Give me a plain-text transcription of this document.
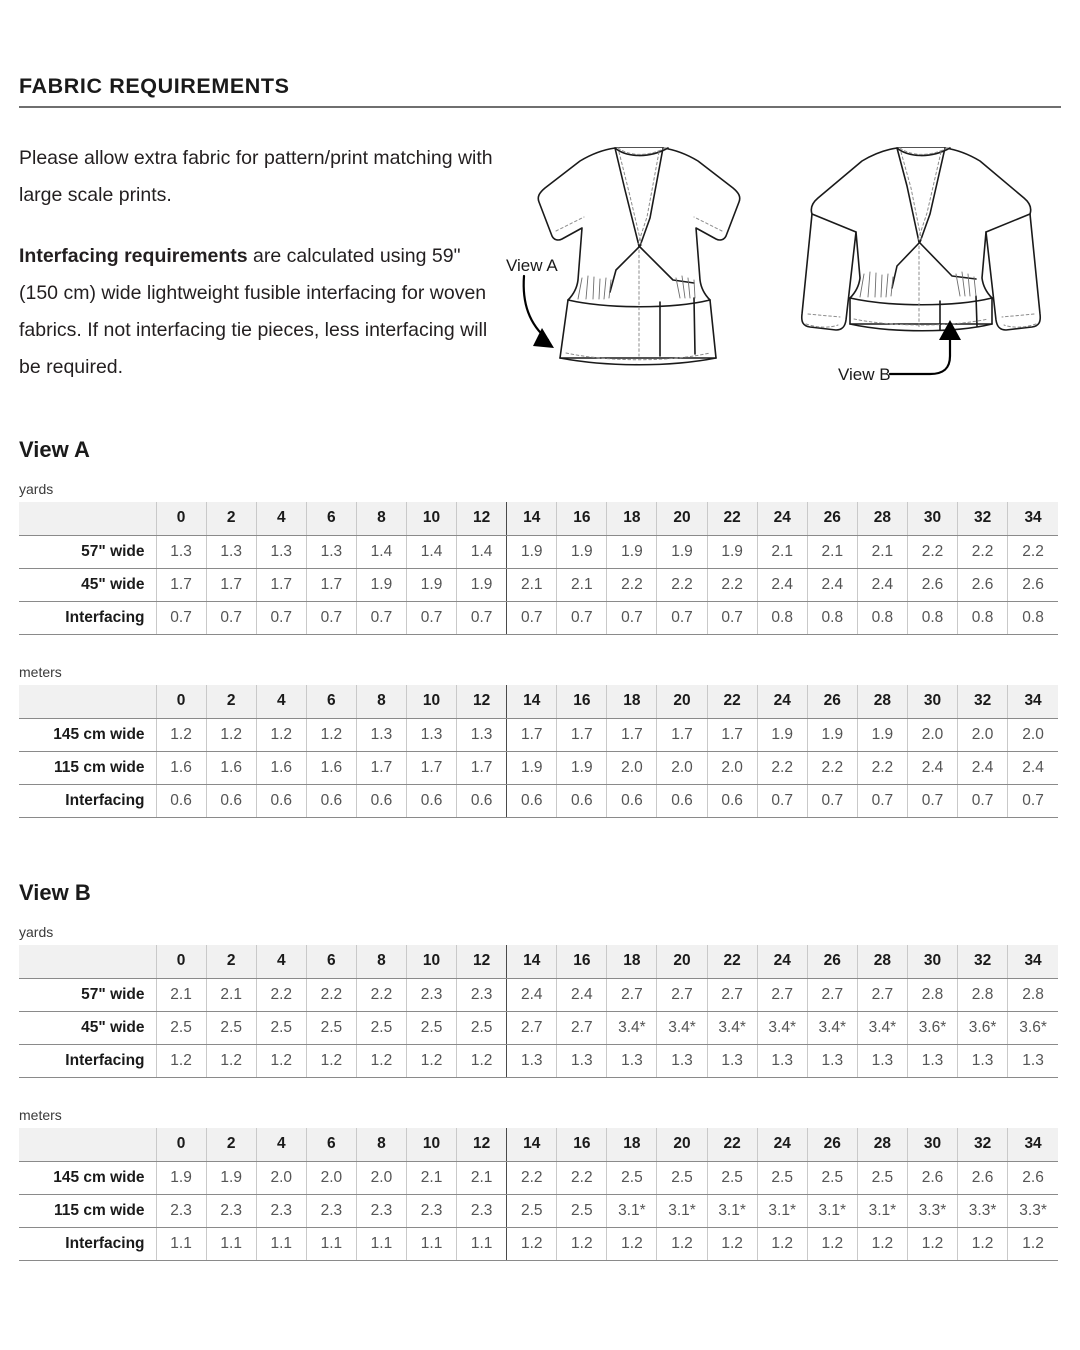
FABRIC REQUIREMENTS

Please allow extra fabric for pattern/print matching with large scale prints.

Interfacing requirements are calculated using 59" (150 cm) wide lightweight fusible interfacing for woven fabrics. If not interfacing tie pieces, less interfacing will be required.

View A
View B
View A
yards
	0	2	4	6	8	10	12	14	16	18	20	22	24	26	28	30	32	34
57" wide	1.3	1.3	1.3	1.3	1.4	1.4	1.4	1.9	1.9	1.9	1.9	1.9	2.1	2.1	2.1	2.2	2.2	2.2
45" wide	1.7	1.7	1.7	1.7	1.9	1.9	1.9	2.1	2.1	2.2	2.2	2.2	2.4	2.4	2.4	2.6	2.6	2.6
Interfacing	0.7	0.7	0.7	0.7	0.7	0.7	0.7	0.7	0.7	0.7	0.7	0.7	0.8	0.8	0.8	0.8	0.8	0.8
meters
	0	2	4	6	8	10	12	14	16	18	20	22	24	26	28	30	32	34
145 cm wide	1.2	1.2	1.2	1.2	1.3	1.3	1.3	1.7	1.7	1.7	1.7	1.7	1.9	1.9	1.9	2.0	2.0	2.0
115 cm wide	1.6	1.6	1.6	1.6	1.7	1.7	1.7	1.9	1.9	2.0	2.0	2.0	2.2	2.2	2.2	2.4	2.4	2.4
Interfacing	0.6	0.6	0.6	0.6	0.6	0.6	0.6	0.6	0.6	0.6	0.6	0.6	0.7	0.7	0.7	0.7	0.7	0.7
View B
yards
	0	2	4	6	8	10	12	14	16	18	20	22	24	26	28	30	32	34
57" wide	2.1	2.1	2.2	2.2	2.2	2.3	2.3	2.4	2.4	2.7	2.7	2.7	2.7	2.7	2.7	2.8	2.8	2.8
45" wide	2.5	2.5	2.5	2.5	2.5	2.5	2.5	2.7	2.7	3.4*	3.4*	3.4*	3.4*	3.4*	3.4*	3.6*	3.6*	3.6*
Interfacing	1.2	1.2	1.2	1.2	1.2	1.2	1.2	1.3	1.3	1.3	1.3	1.3	1.3	1.3	1.3	1.3	1.3	1.3
meters
	0	2	4	6	8	10	12	14	16	18	20	22	24	26	28	30	32	34
145 cm wide	1.9	1.9	2.0	2.0	2.0	2.1	2.1	2.2	2.2	2.5	2.5	2.5	2.5	2.5	2.5	2.6	2.6	2.6
115 cm wide	2.3	2.3	2.3	2.3	2.3	2.3	2.3	2.5	2.5	3.1*	3.1*	3.1*	3.1*	3.1*	3.1*	3.3*	3.3*	3.3*
Interfacing	1.1	1.1	1.1	1.1	1.1	1.1	1.1	1.2	1.2	1.2	1.2	1.2	1.2	1.2	1.2	1.2	1.2	1.2
